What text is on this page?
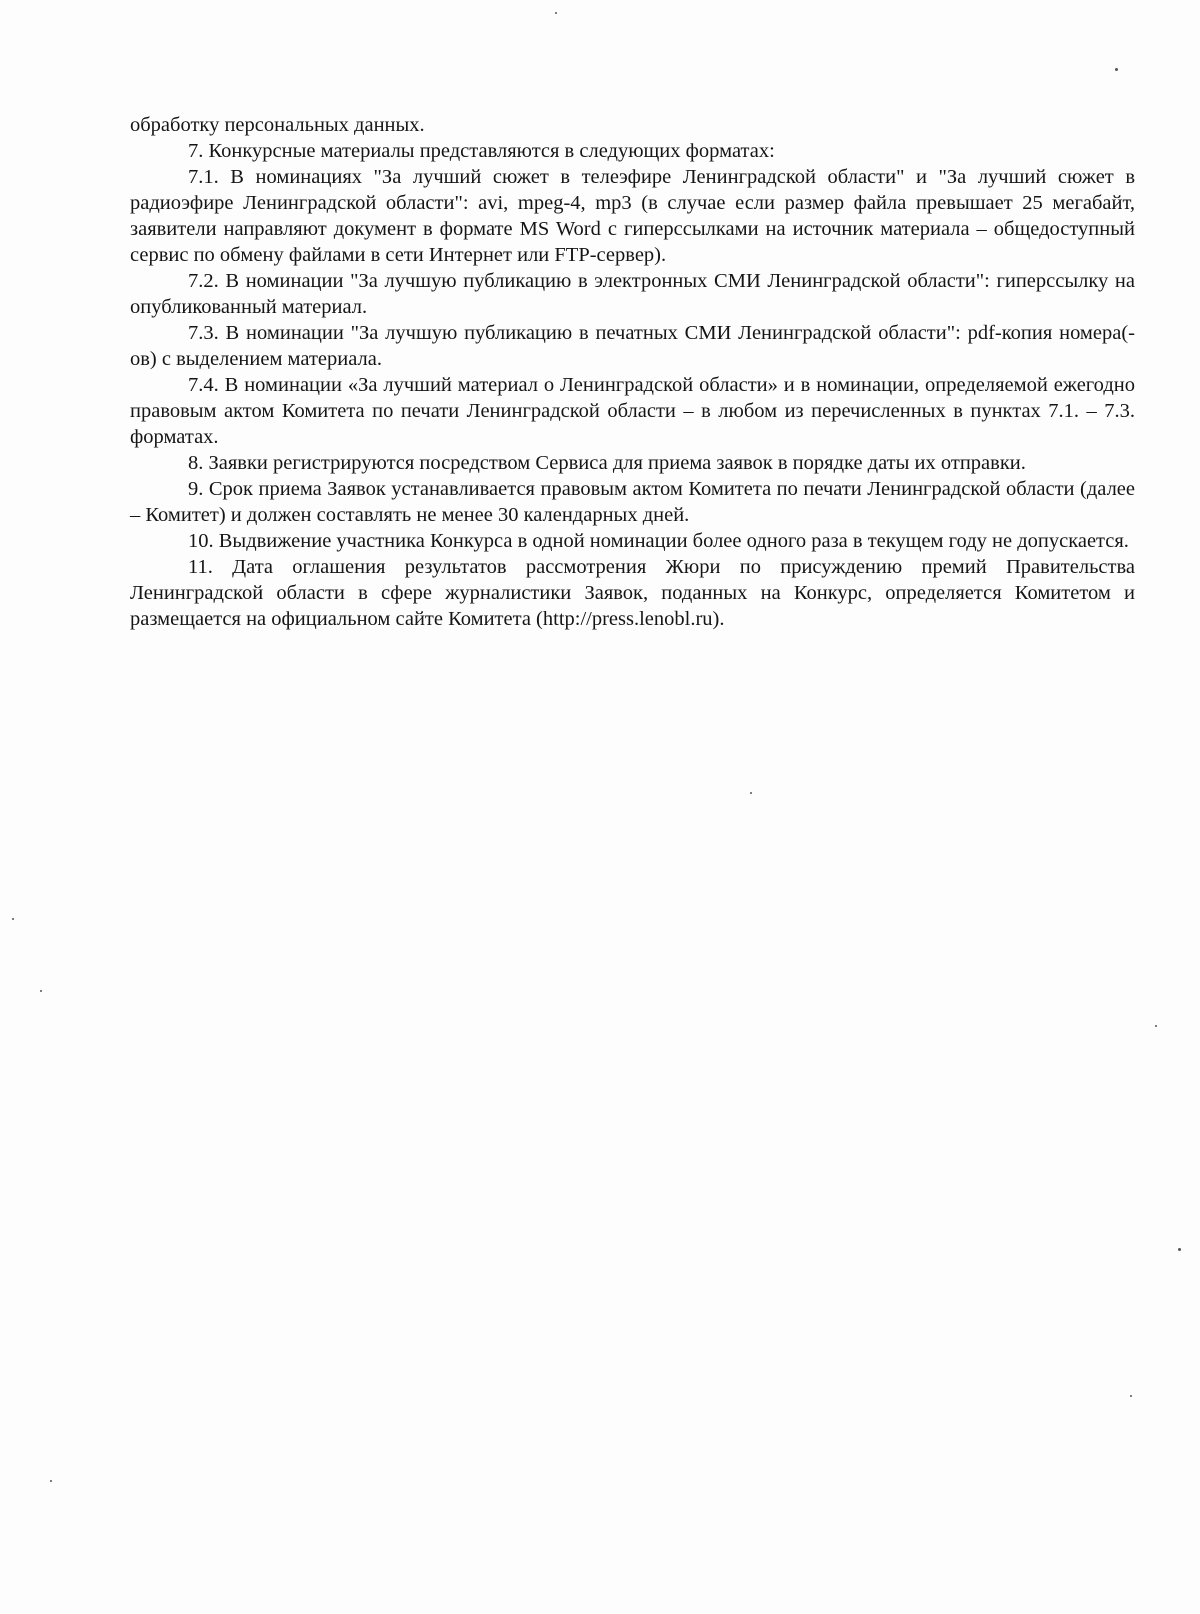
обработку персональных данных.

7. Конкурсные материалы представляются в следующих форматах:

7.1. В номинациях "За лучший сюжет в телеэфире Ленинградской области" и "За лучший сюжет в радиоэфире Ленинградской области": avi, mpeg-4, mp3 (в случае если размер файла превышает 25 мегабайт, заявители направляют документ в формате MS Word с гиперссылками на источник материала – общедоступный сервис по обмену файлами в сети Интернет или FTP-сервер).

7.2. В номинации "За лучшую публикацию в электронных СМИ Ленинградской области": гиперссылку на опубликованный материал.

7.3. В номинации "За лучшую публикацию в печатных СМИ Ленинградской области": pdf-копия номера(-ов) с выделением материала.

7.4. В номинации «За лучший материал о Ленинградской области» и в номинации, определяемой ежегодно правовым актом Комитета по печати Ленинградской области – в любом из перечисленных в пунктах 7.1. – 7.3. форматах.

8. Заявки регистрируются посредством Сервиса для приема заявок в порядке даты их отправки.

9. Срок приема Заявок устанавливается правовым актом Комитета по печати Ленинградской области (далее – Комитет) и должен составлять не менее 30 календарных дней.

10. Выдвижение участника Конкурса в одной номинации более одного раза в текущем году не допускается.

11. Дата оглашения результатов рассмотрения Жюри по присуждению премий Правительства Ленинградской области в сфере журналистики Заявок, поданных на Конкурс, определяется Комитетом и размещается на официальном сайте Комитета (http://press.lenobl.ru).
